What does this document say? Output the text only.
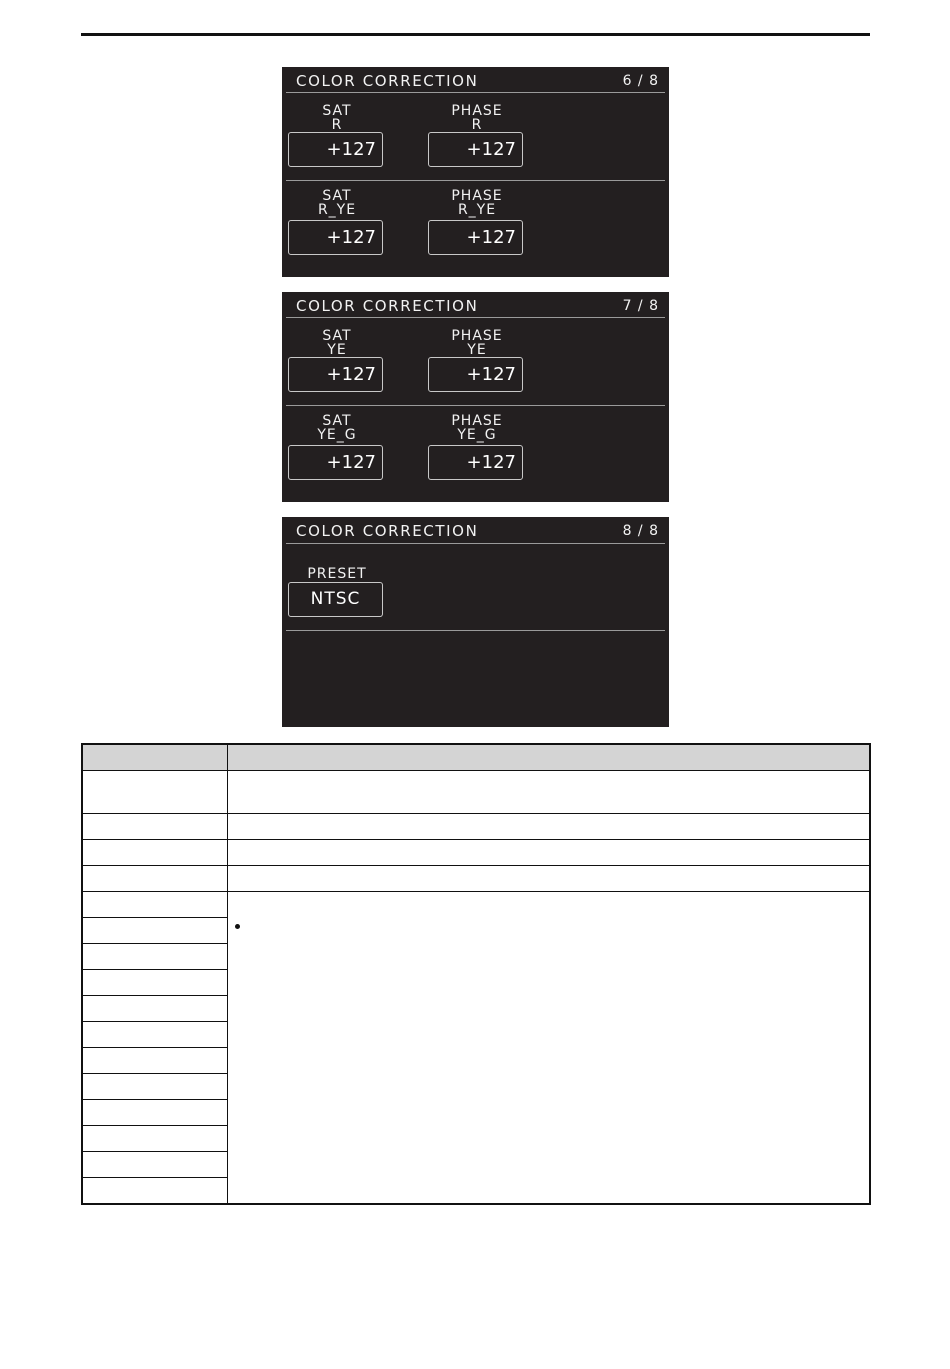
COLOR CORRECTION	6 / 8
SAT
R
+127
PHASE
R
+127
SAT
R_YE
+127
PHASE
R_YE
+127
COLOR CORRECTION	7 / 8
SAT
YE
+127
PHASE
YE
+127
SAT
YE_G
+127
PHASE
YE_G
+127
COLOR CORRECTION	8 / 8
PRESET
NTSC
